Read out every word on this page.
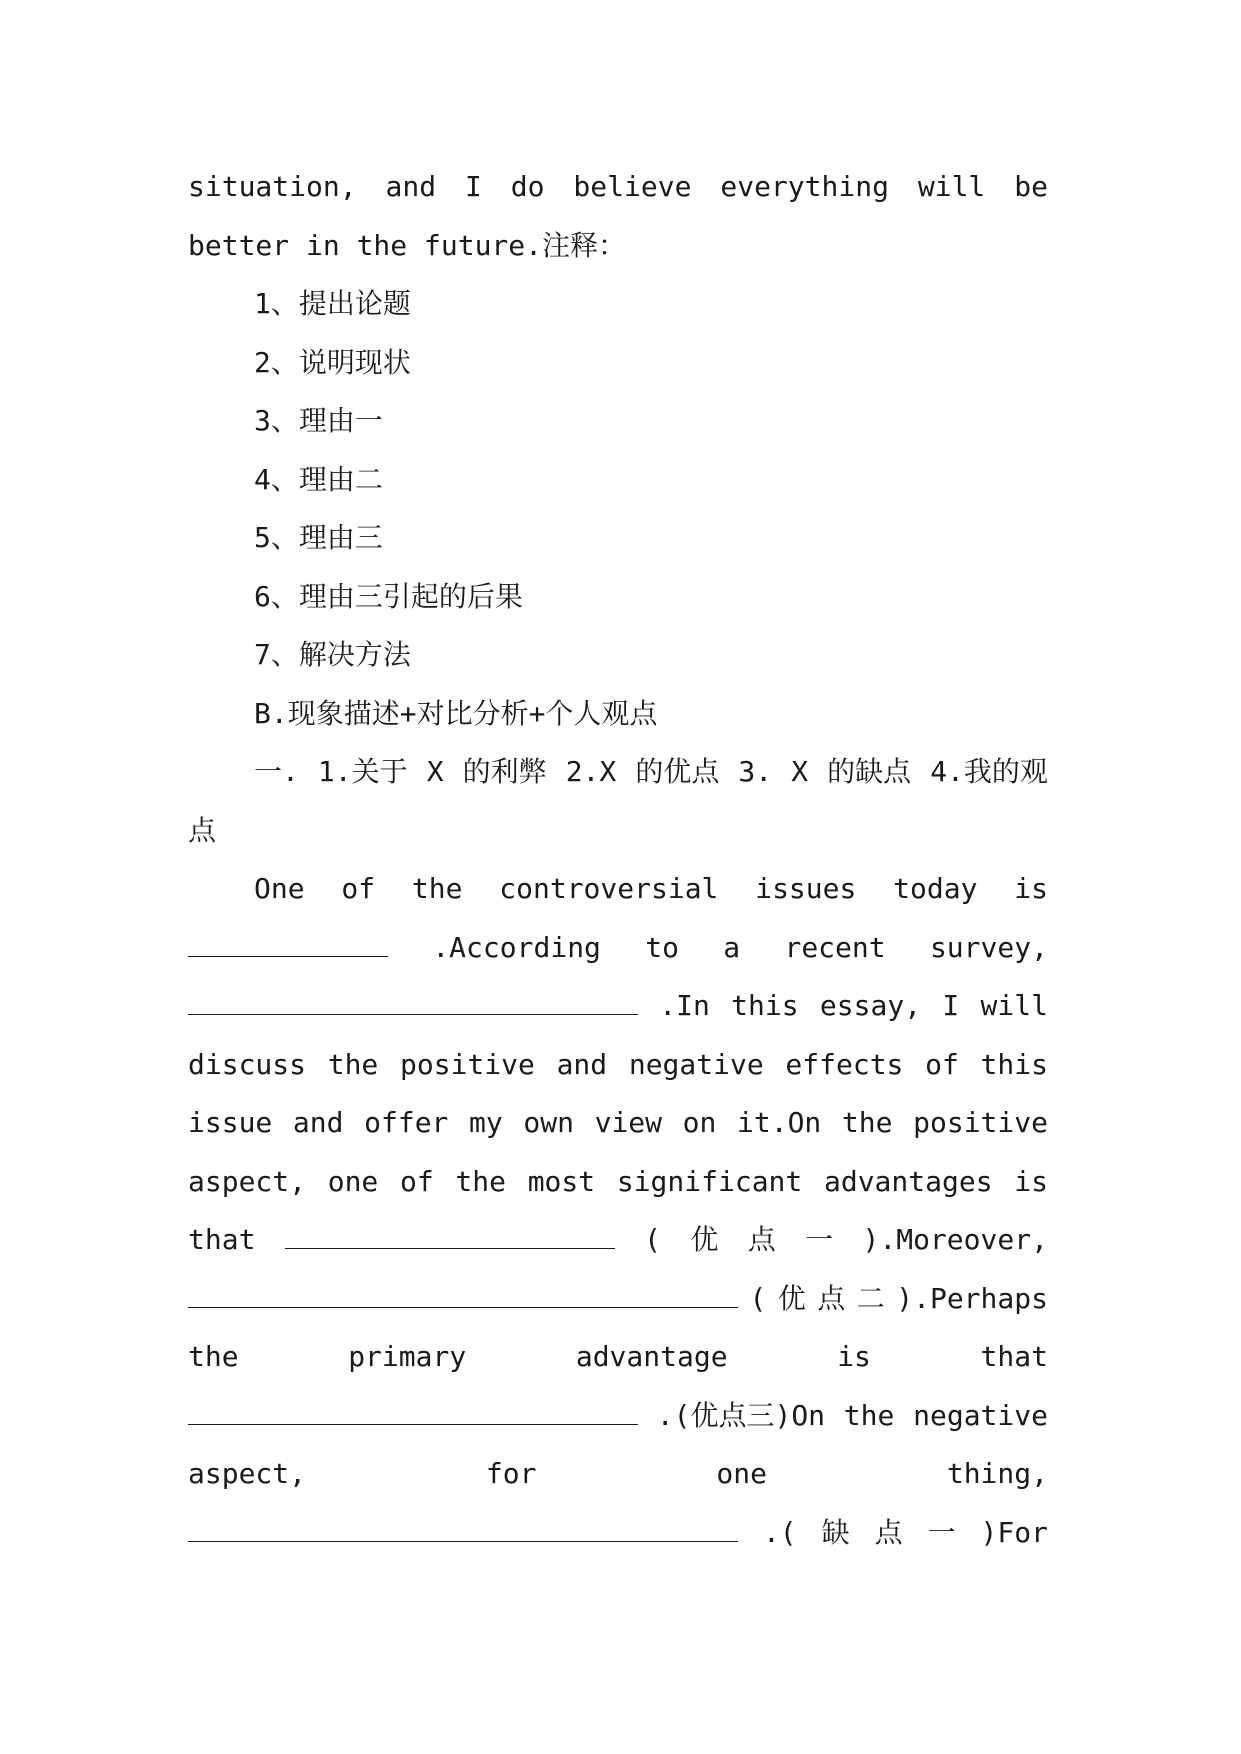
situation, and I do believe everything will be
better in the future.注释：
1、提出论题
2、说明现状
3、理由一
4、理由二
5、理由三
6、理由三引起的后果
7、解决方法
B.现象描述+对比分析+个人观点
一. 1.关于 X 的利弊 2.X 的优点 3. X 的缺点 4.我的观
点
One of the controversial issues today is
.According to a recent survey,
.In this essay, I will
discuss the positive and negative effects of this
issue and offer my own view on it.On the positive
aspect, one of the most significant advantages is
that	( 优 点 一 ).Moreover,
( 优 点 二 ).Perhaps
the	primary	advantage	is	that
.(优点三)On the negative
aspect,	for	one	thing,
.( 缺 点 一 )For
